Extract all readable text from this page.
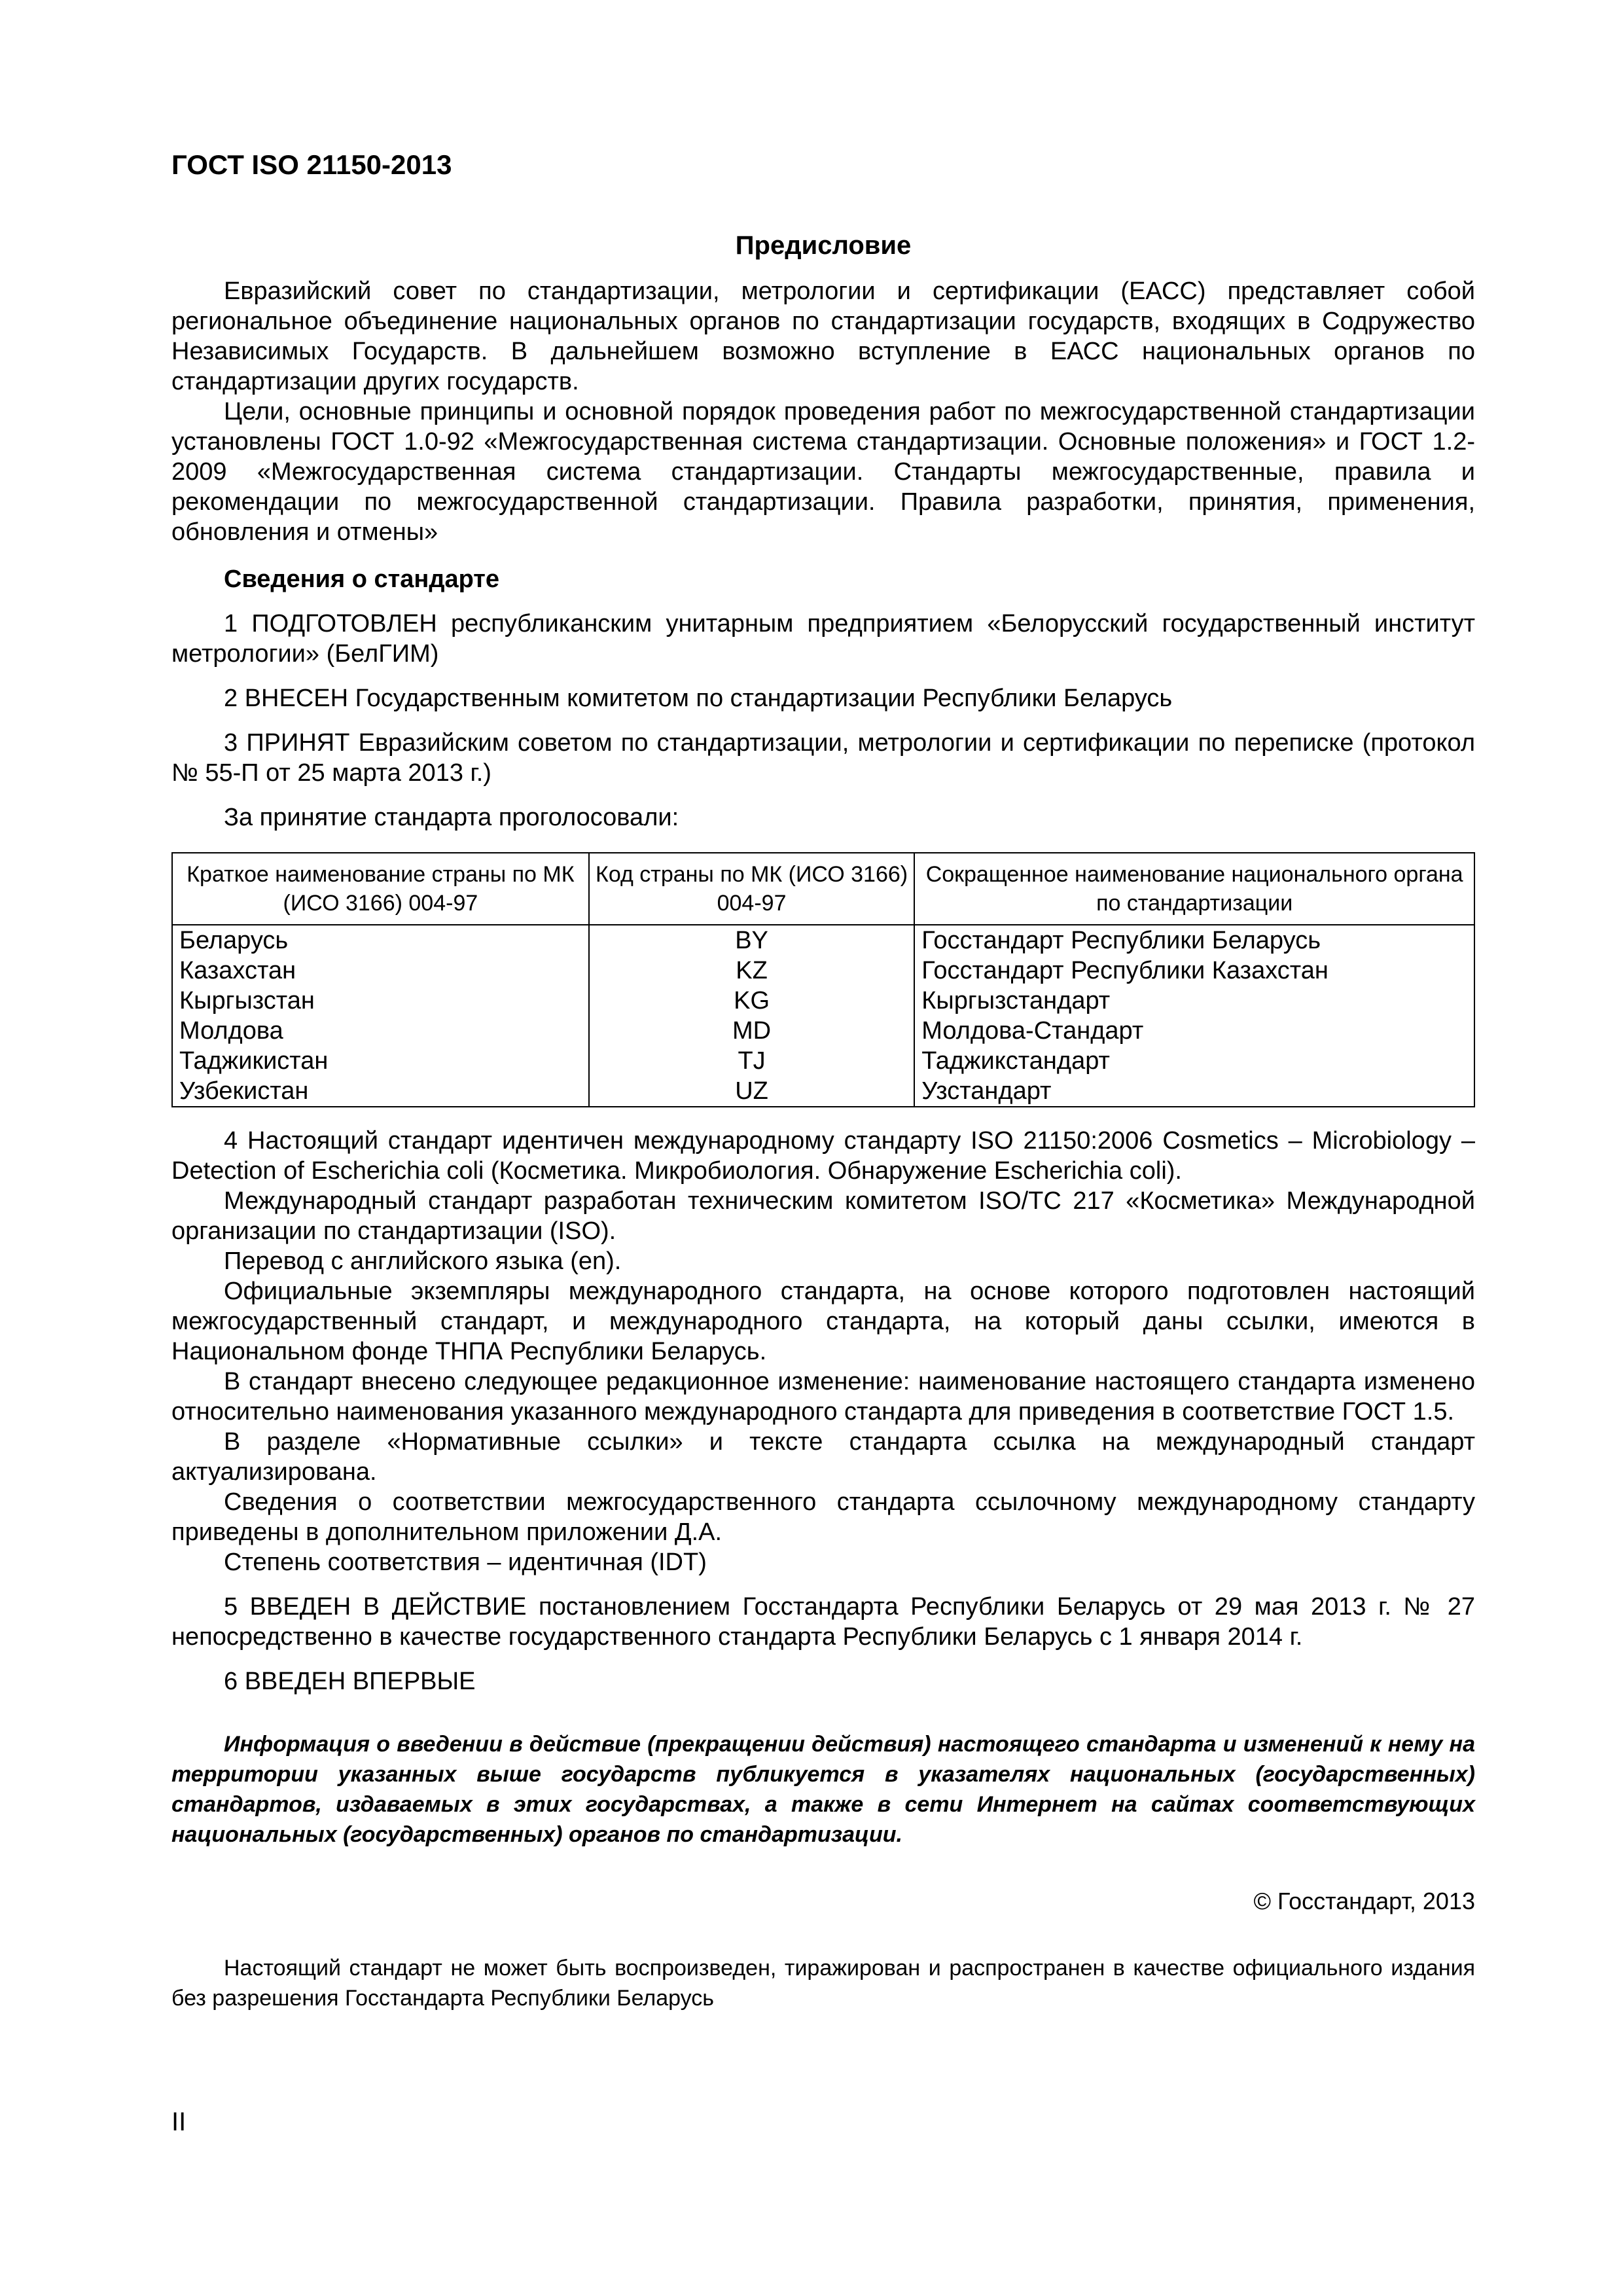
ГОСТ ISO 21150-2013
Предисловие

Евразийский совет по стандартизации, метрологии и сертификации (ЕАСС) представляет собой региональное объединение национальных органов по стандартизации государств, входящих в Содружество Независимых Государств. В дальнейшем возможно вступление в ЕАСС национальных органов по стандартизации других государств.

Цели, основные принципы и основной порядок проведения работ по межгосударственной стандартизации установлены ГОСТ 1.0-92 «Межгосударственная система стандартизации. Основные положения» и ГОСТ 1.2-2009 «Межгосударственная система стандартизации. Стандарты межгосударственные, правила и рекомендации по межгосударственной стандартизации. Правила разработки, принятия, применения, обновления и отмены»

Сведения о стандарте

1 ПОДГОТОВЛЕН республиканским унитарным предприятием «Белорусский государственный институт метрологии» (БелГИМ)

2 ВНЕСЕН Государственным комитетом по стандартизации Республики Беларусь

3 ПРИНЯТ Евразийским советом по стандартизации, метрологии и сертификации по переписке (протокол № 55-П от 25 марта 2013 г.)

За принятие стандарта проголосовали:

Краткое наименование страны по МК (ИСО 3166) 004-97	Код страны по МК (ИСО 3166) 004-97	Сокращенное наименование национального органа по стандартизации
Беларусь	BY	Госстандарт Республики Беларусь
Казахстан	KZ	Госстандарт Республики Казахстан
Кыргызстан	KG	Кыргызстандарт
Молдова	MD	Молдова-Стандарт
Таджикистан	TJ	Таджикстандарт
Узбекистан	UZ	Узстандарт

4 Настоящий стандарт идентичен международному стандарту ISO 21150:2006 Cosmetics – Microbiology – Detection of Escherichia coli (Косметика. Микробиология. Обнаружение Escherichia coli).

Международный стандарт разработан техническим комитетом ISO/TC 217 «Косметика» Международной организации по стандартизации (ISO).

Перевод с английского языка (en).

Официальные экземпляры международного стандарта, на основе которого подготовлен настоящий межгосударственный стандарт, и международного стандарта, на который даны ссылки, имеются в Национальном фонде ТНПА Республики Беларусь.

В стандарт внесено следующее редакционное изменение: наименование настоящего стандарта изменено относительно наименования указанного международного стандарта для приведения в соответствие ГОСТ 1.5.

В разделе «Нормативные ссылки» и тексте стандарта ссылка на международный стандарт актуализирована.

Сведения о соответствии межгосударственного стандарта ссылочному международному стандарту приведены в дополнительном приложении Д.А.

Степень соответствия – идентичная (IDT)

5 ВВЕДЕН В ДЕЙСТВИЕ постановлением Госстандарта Республики Беларусь от 29 мая 2013 г. № 27 непосредственно в качестве государственного стандарта Республики Беларусь с 1 января 2014 г.

6 ВВЕДЕН ВПЕРВЫЕ

Информация о введении в действие (прекращении действия) настоящего стандарта и изменений к нему на территории указанных выше государств публикуется в указателях национальных (государственных) стандартов, издаваемых в этих государствах, а также в сети Интернет на сайтах соответствующих национальных (государственных) органов по стандартизации.
© Госстандарт, 2013
Настоящий стандарт не может быть воспроизведен, тиражирован и распространен в качестве официального издания без разрешения Госстандарта Республики Беларусь
II
